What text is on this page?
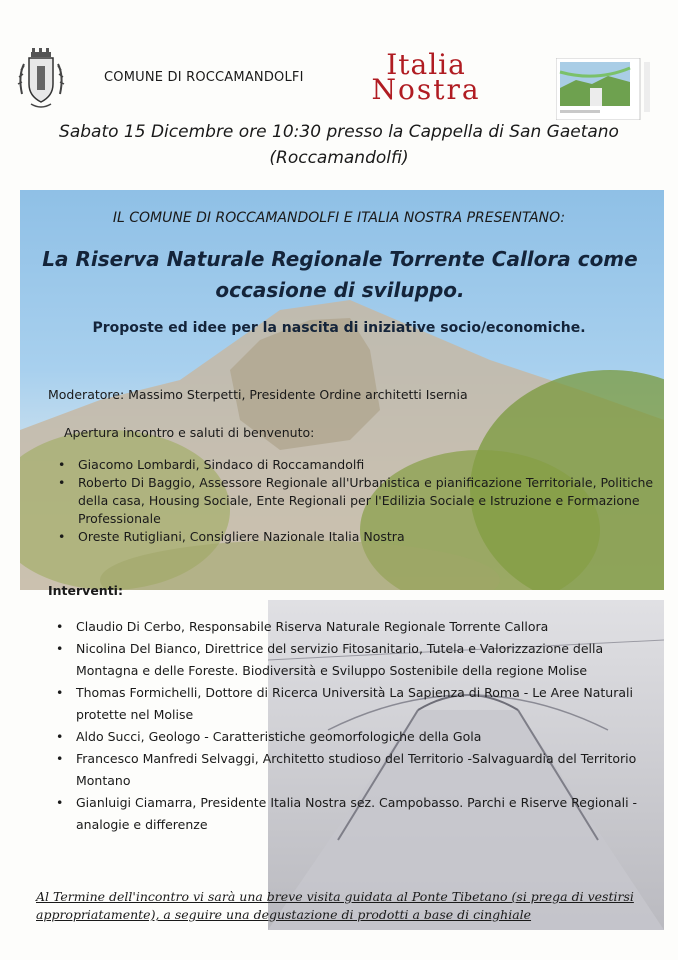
COMUNE DI ROCCAMANDOLFI	Italia
Nostra
Sabato 15 Dicembre ore 10:30 presso la Cappella di San Gaetano
(Roccamandolfi)
IL COMUNE DI ROCCAMANDOLFI E ITALIA NOSTRA PRESENTANO:
La Riserva Naturale Regionale Torrente Callora come
occasione di sviluppo.
Proposte ed idee per la nascita di iniziative socio/economiche.
Moderatore: Massimo Sterpetti, Presidente Ordine architetti Isernia
Apertura incontro e saluti di benvenuto:
• Giacomo Lombardi, Sindaco di Roccamandolfi
• Roberto Di Baggio, Assessore Regionale all'Urbanistica e pianificazione Territoriale, Politiche della casa, Housing Sociale, Ente Regionali per l'Edilizia Sociale e Istruzione e Formazione Professionale
• Oreste Rutigliani, Consigliere Nazionale Italia Nostra
Interventi:
• Claudio Di Cerbo, Responsabile Riserva Naturale Regionale Torrente Callora
• Nicolina Del Bianco, Direttrice del servizio Fitosanitario, Tutela e Valorizzazione della Montagna e delle Foreste. Biodiversità e Sviluppo Sostenibile della regione Molise
• Thomas Formichelli, Dottore di Ricerca Università La Sapienza di Roma - Le Aree Naturali protette nel Molise
• Aldo Succi, Geologo - Caratteristiche geomorfologiche della Gola
• Francesco Manfredi Selvaggi, Architetto studioso del Territorio -Salvaguardia del Territorio Montano
• Gianluigi Ciamarra, Presidente Italia Nostra sez. Campobasso. Parchi e Riserve Regionali - analogie e differenze
Al Termine dell'incontro vi sarà una breve visita guidata al Ponte Tibetano (si prega di vestirsi appropriatamente), a seguire una degustazione di prodotti a base di cinghiale
